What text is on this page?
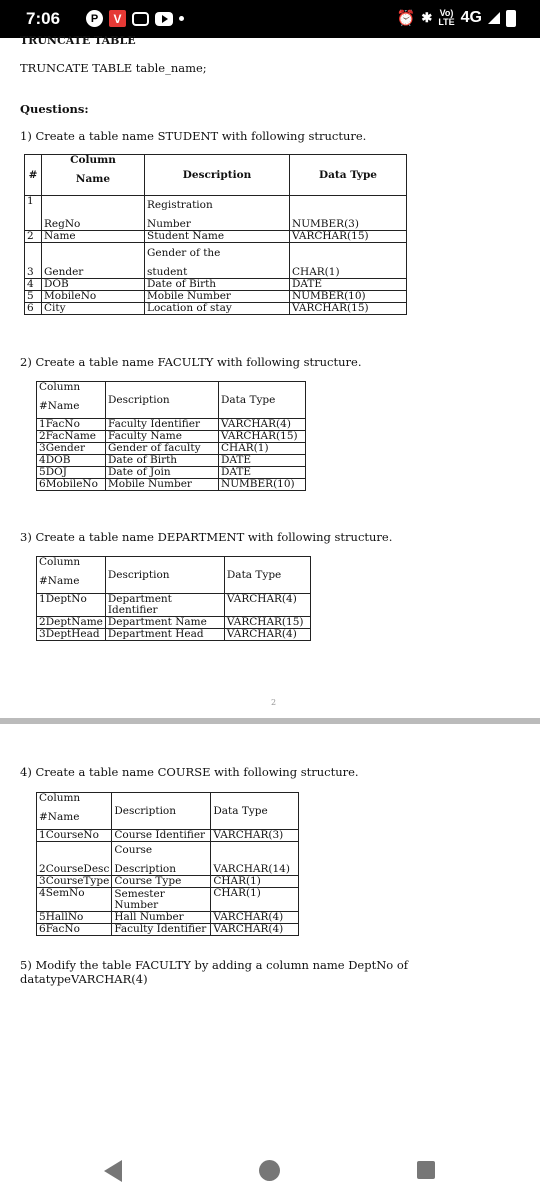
7:06	P	V	⏰ ✱ Vo)
LTE 4G
TRUNCATE TABLE
TRUNCATE TABLE table_name;
Questions:
1) Create a table name STUDENT with following structure.
#	Column
Name	Description	Data Type
1	RegNo	Registration
Number	NUMBER(3)
2	Name	Student Name	VARCHAR(15)
3	Gender	Gender of the
student	CHAR(1)
4	DOB	Date of Birth	DATE
5	MobileNo	Mobile Number	NUMBER(10)
6	City	Location of stay	VARCHAR(15)
2) Create a table name FACULTY with following structure.
Column
#Name	Description	Data Type
1FacNo	Faculty Identifier	VARCHAR(4)
2FacName	Faculty Name	VARCHAR(15)
3Gender	Gender of faculty	CHAR(1)
4DOB	Date of Birth	DATE
5DOJ	Date of Join	DATE
6MobileNo	Mobile Number	NUMBER(10)
3) Create a table name DEPARTMENT with following structure.
Column
#Name	Description	Data Type
1DeptNo	Department
Identifier	VARCHAR(4)
2DeptName	Department Name	VARCHAR(15)
3DeptHead	Department Head	VARCHAR(4)
2
4) Create a table name COURSE with following structure.
Column
#Name	Description	Data Type
1CourseNo	Course Identifier	VARCHAR(3)
2CourseDesc	Course
Description	VARCHAR(14)
3CourseType	Course Type	CHAR(1)
4SemNo	Semester
Number	CHAR(1)
5HallNo	Hall Number	VARCHAR(4)
6FacNo	Faculty Identifier	VARCHAR(4)
5) Modify the table FACULTY by adding a column name DeptNo of
datatypeVARCHAR(4)
